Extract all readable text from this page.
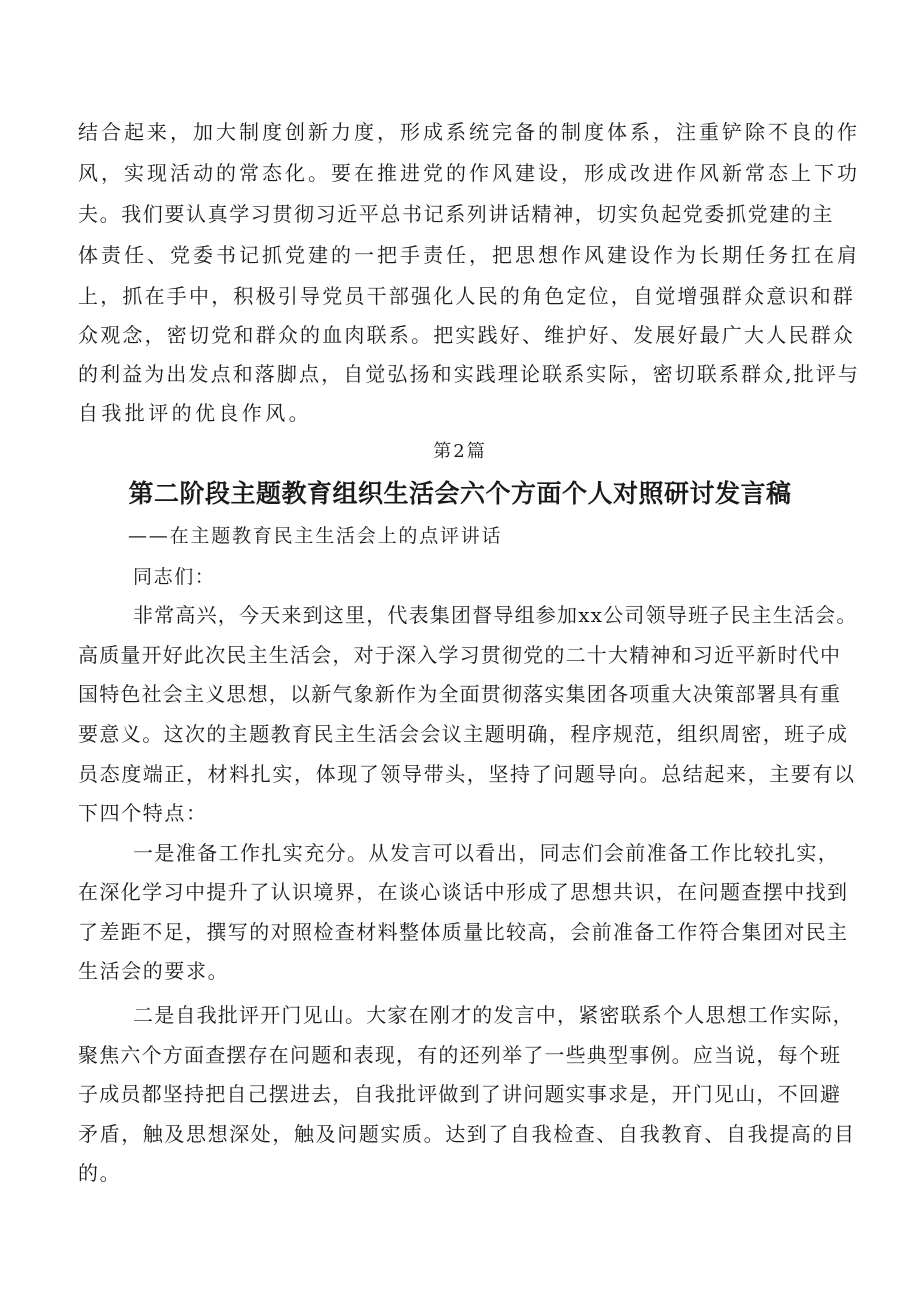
结合起来，加大制度创新力度，形成系统完备的制度体系，注重铲除不良的作
风，实现活动的常态化。要在推进党的作风建设，形成改进作风新常态上下功
夫。我们要认真学习贯彻习近平总书记系列讲话精神，切实负起党委抓党建的主
体责任、党委书记抓党建的一把手责任，把思想作风建设作为长期任务扛在肩
上，抓在手中，积极引导党员干部强化人民的角色定位，自觉增强群众意识和群
众观念，密切党和群众的血肉联系。把实践好、维护好、发展好最广大人民群众
的利益为出发点和落脚点，自觉弘扬和实践理论联系实际，密切联系群众,批评与
自我批评的优良作风。
第2篇
第二阶段主题教育组织生活会六个方面个人对照研讨发言稿
——在主题教育民主生活会上的点评讲话
同志们：
非常高兴，今天来到这里，代表集团督导组参加xx公司领导班子民主生活会。
高质量开好此次民主生活会，对于深入学习贯彻党的二十大精神和习近平新时代中
国特色社会主义思想，以新气象新作为全面贯彻落实集团各项重大决策部署具有重
要意义。这次的主题教育民主生活会会议主题明确，程序规范，组织周密，班子成
员态度端正，材料扎实，体现了领导带头，坚持了问题导向。总结起来，主要有以
下四个特点：
一是准备工作扎实充分。从发言可以看出，同志们会前准备工作比较扎实，
在深化学习中提升了认识境界，在谈心谈话中形成了思想共识，在问题查摆中找到
了差距不足，撰写的对照检查材料整体质量比较高，会前准备工作符合集团对民主
生活会的要求。
二是自我批评开门见山。大家在刚才的发言中，紧密联系个人思想工作实际，
聚焦六个方面查摆存在问题和表现，有的还列举了一些典型事例。应当说，每个班
子成员都坚持把自己摆进去，自我批评做到了讲问题实事求是，开门见山，不回避
矛盾，触及思想深处，触及问题实质。达到了自我检查、自我教育、自我提高的目
的。
